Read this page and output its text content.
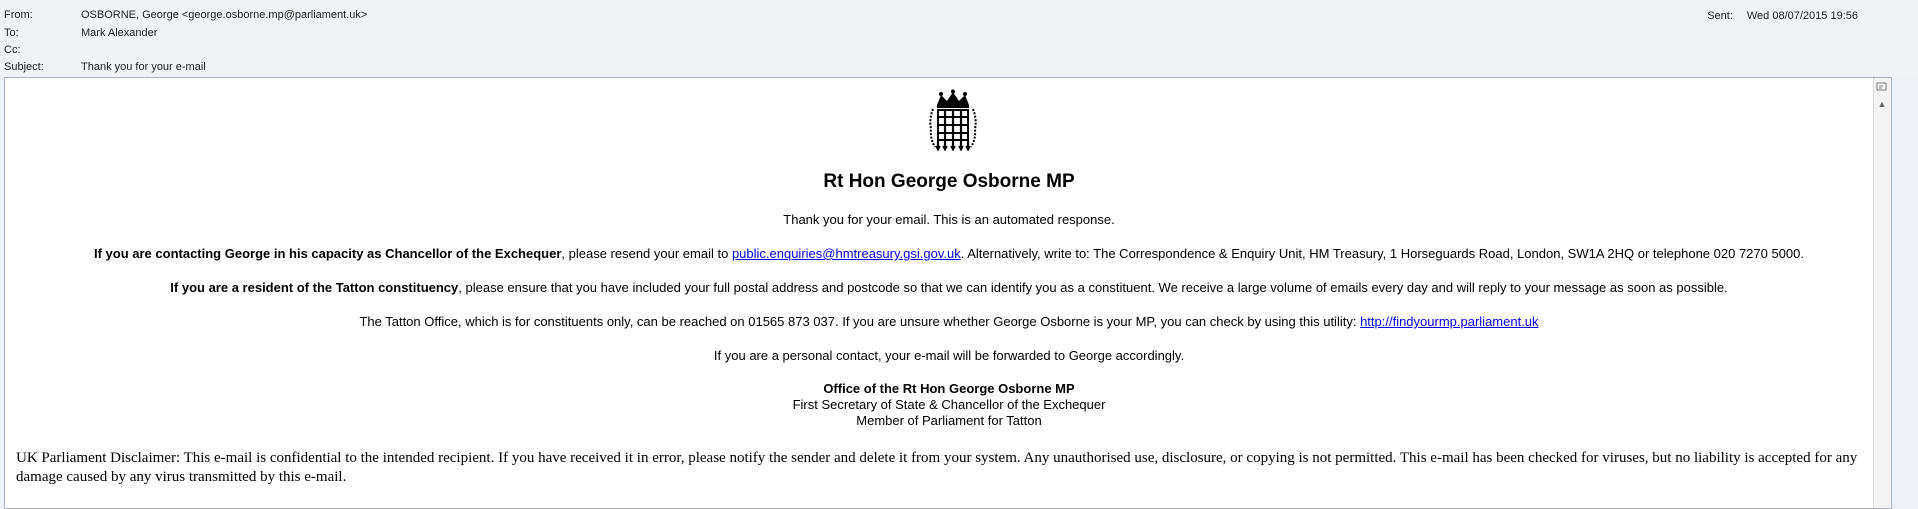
From:	OSBORNE, George <george.osborne.mp@parliament.uk>
To:	Mark Alexander
Cc:
Subject:	Thank you for your e-mail
Sent: Wed 08/07/2015 19:56
Rt Hon George Osborne MP
Thank you for your email. This is an automated response.
If you are contacting George in his capacity as Chancellor of the Exchequer, please resend your email to public.enquiries@hmtreasury.gsi.gov.uk. Alternatively, write to: The Correspondence & Enquiry Unit, HM Treasury, 1 Horseguards Road, London, SW1A 2HQ or telephone 020 7270 5000.
If you are a resident of the Tatton constituency, please ensure that you have included your full postal address and postcode so that we can identify you as a constituent. We receive a large volume of emails every day and will reply to your message as soon as possible.
The Tatton Office, which is for constituents only, can be reached on 01565 873 037. If you are unsure whether George Osborne is your MP, you can check by using this utility: http://findyourmp.parliament.uk
If you are a personal contact, your e-mail will be forwarded to George accordingly.
Office of the Rt Hon George Osborne MP
First Secretary of State & Chancellor of the Exchequer
Member of Parliament for Tatton
UK Parliament Disclaimer: This e-mail is confidential to the intended recipient. If you have received it in error, please notify the sender and delete it from your system. Any unauthorised use, disclosure, or copying is not permitted. This e-mail has been checked for viruses, but no liability is accepted for any damage caused by any virus transmitted by this e-mail.
▲
